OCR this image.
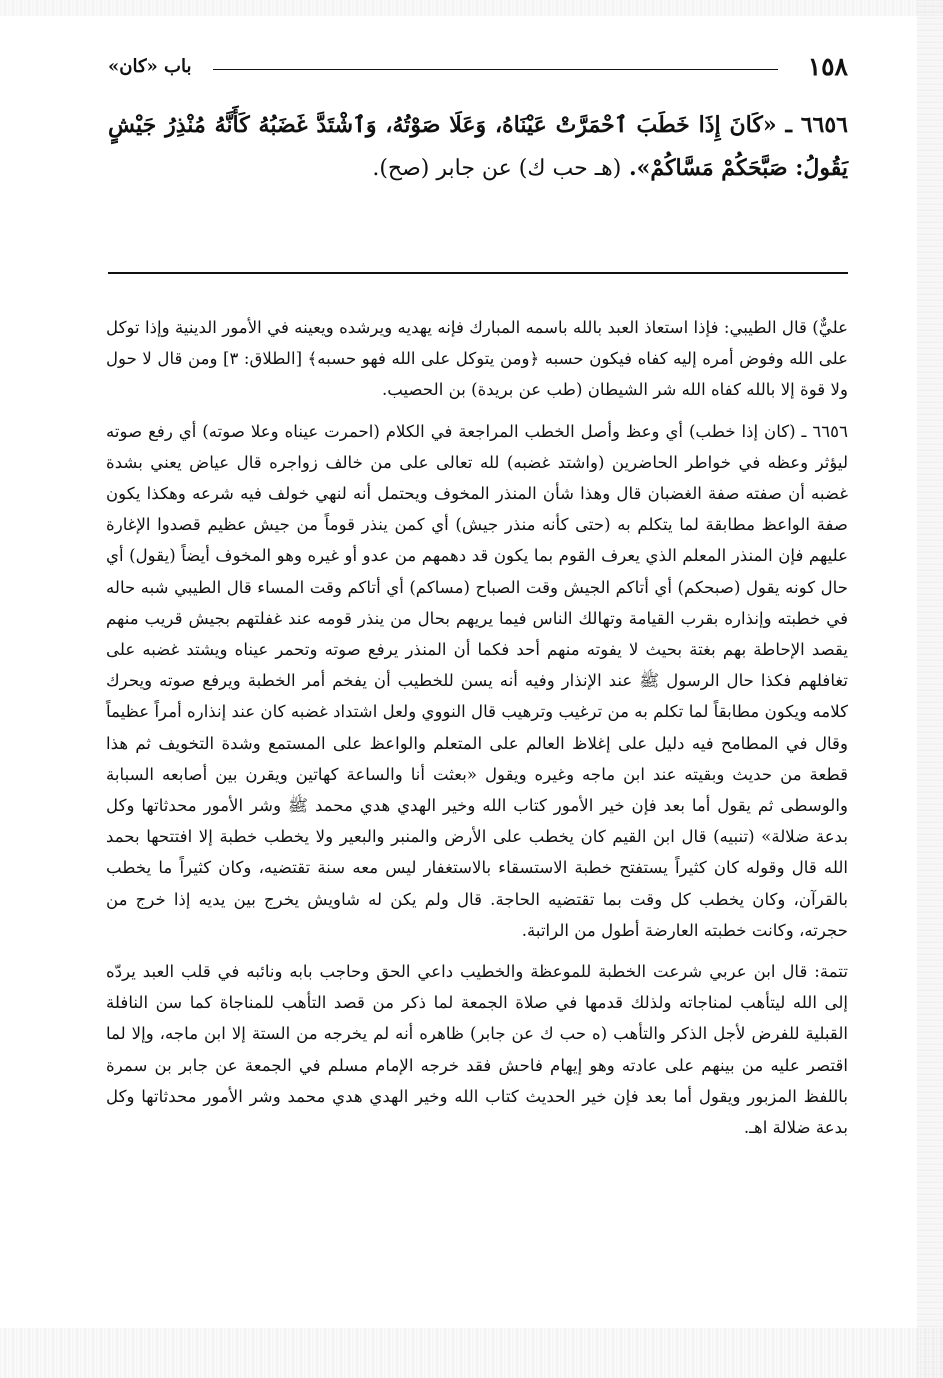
١٥٨
باب «كان»
٦٦٥٦ ـ «كَانَ إِذَا خَطَبَ ٱحْمَرَّتْ عَيْنَاهُ، وَعَلَا صَوْتُهُ، وَٱشْتَدَّ غَضَبُهُ كَأَنَّهُ مُنْذِرُ جَيْشٍ يَقُولُ: صَبَّحَكُمْ مَسَّاكُمْ». (هـ حب ك) عن جابر (صح).

عليٌّ) قال الطيبي: فإذا استعاذ العبد بالله باسمه المبارك فإنه يهديه ويرشده ويعينه في الأمور الدينية وإذا توكل على الله وفوض أمره إليه كفاه فيكون حسبه ﴿ومن يتوكل على الله فهو حسبه﴾ [الطلاق: ٣] ومن قال لا حول ولا قوة إلا بالله كفاه الله شر الشيطان (طب عن بريدة) بن الحصيب.

٦٦٥٦ ـ (كان إذا خطب) أي وعظ وأصل الخطب المراجعة في الكلام (احمرت عيناه وعلا صوته) أي رفع صوته ليؤثر وعظه في خواطر الحاضرين (واشتد غضبه) لله تعالى على من خالف زواجره قال عياض يعني بشدة غضبه أن صفته صفة الغضبان قال وهذا شأن المنذر المخوف ويحتمل أنه لنهي خولف فيه شرعه وهكذا يكون صفة الواعظ مطابقة لما يتكلم به (حتى كأنه منذر جيش) أي كمن ينذر قوماً من جيش عظيم قصدوا الإغارة عليهم فإن المنذر المعلم الذي يعرف القوم بما يكون قد دهمهم من عدو أو غيره وهو المخوف أيضاً (يقول) أي حال كونه يقول (صبحكم) أي أتاكم الجيش وقت الصباح (مساكم) أي أتاكم وقت المساء قال الطيبي شبه حاله في خطبته وإنذاره بقرب القيامة وتهالك الناس فيما يريهم بحال من ينذر قومه عند غفلتهم بجيش قريب منهم يقصد الإحاطة بهم بغتة بحيث لا يفوته منهم أحد فكما أن المنذر يرفع صوته وتحمر عيناه ويشتد غضبه على تغافلهم فكذا حال الرسول ﷺ عند الإنذار وفيه أنه يسن للخطيب أن يفخم أمر الخطبة ويرفع صوته ويحرك كلامه ويكون مطابقاً لما تكلم به من ترغيب وترهيب قال النووي ولعل اشتداد غضبه كان عند إنذاره أمراً عظيماً وقال في المطامح فيه دليل على إغلاظ العالم على المتعلم والواعظ على المستمع وشدة التخويف ثم هذا قطعة من حديث وبقيته عند ابن ماجه وغيره ويقول «بعثت أنا والساعة كهاتين ويقرن بين أصابعه السبابة والوسطى ثم يقول أما بعد فإن خير الأمور كتاب الله وخير الهدي هدي محمد ﷺ وشر الأمور محدثاتها وكل بدعة ضلالة» (تنبيه) قال ابن القيم كان يخطب على الأرض والمنبر والبعير ولا يخطب خطبة إلا افتتحها بحمد الله قال وقوله كان كثيراً يستفتح خطبة الاستسقاء بالاستغفار ليس معه سنة تقتضيه، وكان كثيراً ما يخطب بالقرآن، وكان يخطب كل وقت بما تقتضيه الحاجة. قال ولم يكن له شاويش يخرج بين يديه إذا خرج من حجرته، وكانت خطبته العارضة أطول من الراتبة.

تتمة: قال ابن عربي شرعت الخطبة للموعظة والخطيب داعي الحق وحاجب بابه ونائبه في قلب العبد يردّه إلى الله ليتأهب لمناجاته ولذلك قدمها في صلاة الجمعة لما ذكر من قصد التأهب للمناجاة كما سن النافلة القبلية للفرض لأجل الذكر والتأهب (ه حب ك عن جابر) ظاهره أنه لم يخرجه من الستة إلا ابن ماجه، وإلا لما اقتصر عليه من بينهم على عادته وهو إيهام فاحش فقد خرجه الإمام مسلم في الجمعة عن جابر بن سمرة باللفظ المزبور ويقول أما بعد فإن خير الحديث كتاب الله وخير الهدي هدي محمد وشر الأمور محدثاتها وكل بدعة ضلالة اهـ.
